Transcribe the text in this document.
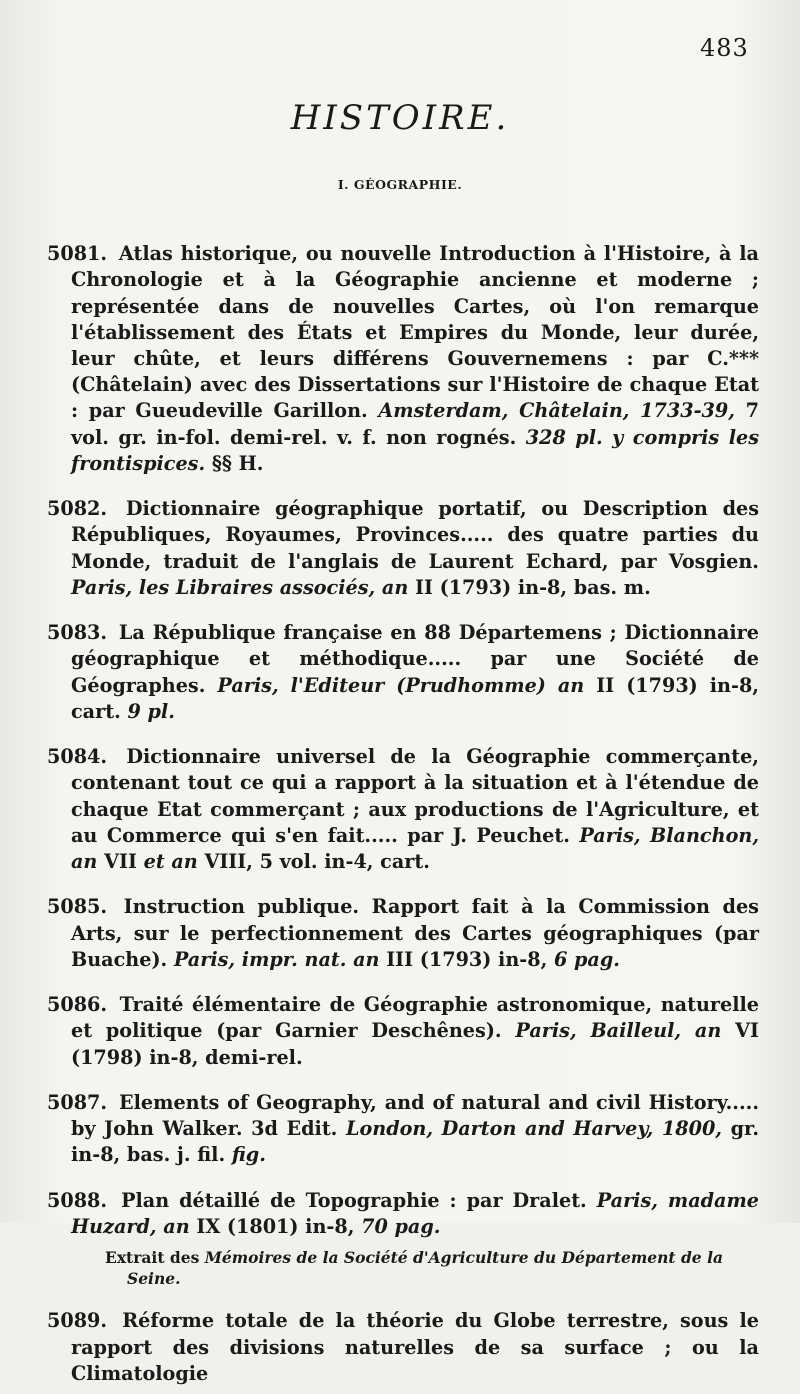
483
HISTOIRE.
I. GÉOGRAPHIE.

5081. Atlas historique, ou nouvelle Introduction à l'Histoire, à la Chronologie et à la Géographie ancienne et moderne ; représentée dans de nouvelles Cartes, où l'on remarque l'établissement des États et Empires du Monde, leur durée, leur chûte, et leurs différens Gouvernemens : par C.*** (Châtelain) avec des Dissertations sur l'Histoire de chaque Etat : par Gueudeville Garillon. Amsterdam, Châtelain, 1733-39, 7 vol. gr. in-fol. demi-rel. v. f. non rognés. 328 pl. y compris les frontispices. §§ H.

5082. Dictionnaire géographique portatif, ou Description des Républiques, Royaumes, Provinces..... des quatre parties du Monde, traduit de l'anglais de Laurent Echard, par Vosgien. Paris, les Libraires associés, an II (1793) in-8, bas. m.

5083. La République française en 88 Départemens ; Dictionnaire géographique et méthodique..... par une Société de Géographes. Paris, l'Editeur (Prudhomme) an II (1793) in-8, cart. 9 pl.

5084. Dictionnaire universel de la Géographie commerçante, contenant tout ce qui a rapport à la situation et à l'étendue de chaque Etat commerçant ; aux productions de l'Agriculture, et au Commerce qui s'en fait..... par J. Peuchet. Paris, Blanchon, an VII et an VIII, 5 vol. in-4, cart.

5085. Instruction publique. Rapport fait à la Commission des Arts, sur le perfectionnement des Cartes géographiques (par Buache). Paris, impr. nat. an III (1793) in-8, 6 pag.

5086. Traité élémentaire de Géographie astronomique, naturelle et politique (par Garnier Deschênes). Paris, Bailleul, an VI (1798) in-8, demi-rel.

5087. Elements of Geography, and of natural and civil History..... by John Walker. 3d Edit. London, Darton and Harvey, 1800, gr. in-8, bas. j. fil. fig.

5088. Plan détaillé de Topographie : par Dralet. Paris, madame Huzard, an IX (1801) in-8, 70 pag.

Extrait des Mémoires de la Société d'Agriculture du Département de la Seine.

5089. Réforme totale de la théorie du Globe terrestre, sous le rapport des divisions naturelles de sa surface ; ou la Climatologie
